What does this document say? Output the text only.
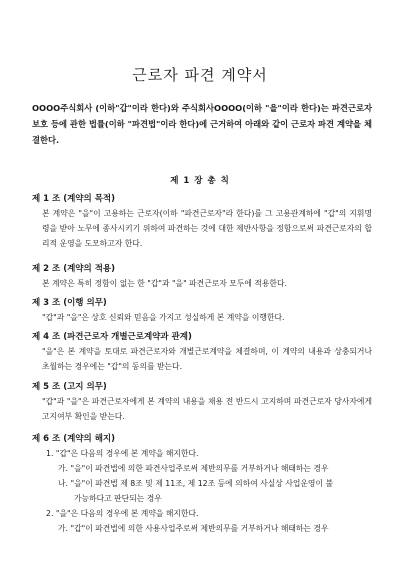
근로자 파견 계약서
OOOO주식회사 (이하"갑"이라 한다)와 주식회사OOOO(이하 "을"이라 한다)는 파견근로자 보호 등에 관한 법률(이하 "파견법"이라 한다)에 근거하여 아래와 같이 근로자 파견 계약을 체결한다.
제 1 장 총 칙
제 1 조 (계약의 목적)
본 계약은 "을"이 고용하는 근로자(이하 "파견근로자"라 한다)를 그 고용관계하에 "갑"의 지휘명령을 받아 노무에 종사시키기 위하여 파견하는 것에 대한 제반사항을 정함으로써 파견근로자의 합리적 운영을 도모하고자 한다.
제 2 조 (계약의 적용)
본 계약은 특히 정함이 없는 한 "갑"과 "을" 파견근로자 모두에 적용한다.
제 3 조 (이행 의무)
"갑"과 "을"은 상호 신뢰와 믿음을 가지고 성실하게 본 계약을 이행한다.
제 4 조 (파견근로자 개별근로계약과 관계)
"을"은 본 계약을 토대로 파견근로자와 개별근로계약을 체결하며, 이 계약의 내용과 상충되거나 초월하는 경우에는 "갑"의 동의를 받는다.
제 5 조 (고지 의무)
"갑"과 "을"은 파견근로자에게 본 계약의 내용을 채용 전 반드시 고지하며 파견근로자 당사자에게 고지여부 확인을 받는다.
제 6 조 (계약의 해지)
1. "갑"은 다음의 경우에 본 계약을 해지한다.
가. "을"이 파견법에 의한 파견사업주로써 제반의무를 거부하거나 해태하는 경우
나. "을"이 파견법 제 8조 및 제 11조, 제 12조 등에 의하여 사실상 사업운영이 불
가능하다고 판단되는 경우
2. "을"은 다음의 경우에 본 계약을 해지한다.
가. "갑"이 파견법에 의한 사용사업주로써 제반의무를 거부하거나 해태하는 경우
